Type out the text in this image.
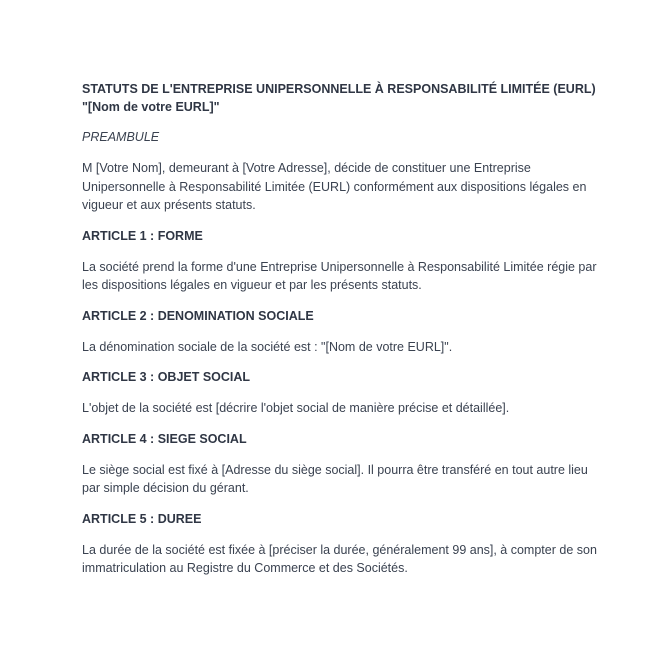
STATUTS DE L'ENTREPRISE UNIPERSONNELLE À RESPONSABILITÉ LIMITÉE (EURL) "[Nom de votre EURL]"

PREAMBULE

M [Votre Nom], demeurant à [Votre Adresse], décide de constituer une Entreprise Unipersonnelle à Responsabilité Limitée (EURL) conformément aux dispositions légales en vigueur et aux présents statuts.

ARTICLE 1 : FORME

La société prend la forme d'une Entreprise Unipersonnelle à Responsabilité Limitée régie par les dispositions légales en vigueur et par les présents statuts.

ARTICLE 2 : DENOMINATION SOCIALE

La dénomination sociale de la société est : "[Nom de votre EURL]".

ARTICLE 3 : OBJET SOCIAL

L'objet de la société est [décrire l'objet social de manière précise et détaillée].

ARTICLE 4 : SIEGE SOCIAL

Le siège social est fixé à [Adresse du siège social]. Il pourra être transféré en tout autre lieu par simple décision du gérant.

ARTICLE 5 : DUREE

La durée de la société est fixée à [préciser la durée, généralement 99 ans], à compter de son immatriculation au Registre du Commerce et des Sociétés.
